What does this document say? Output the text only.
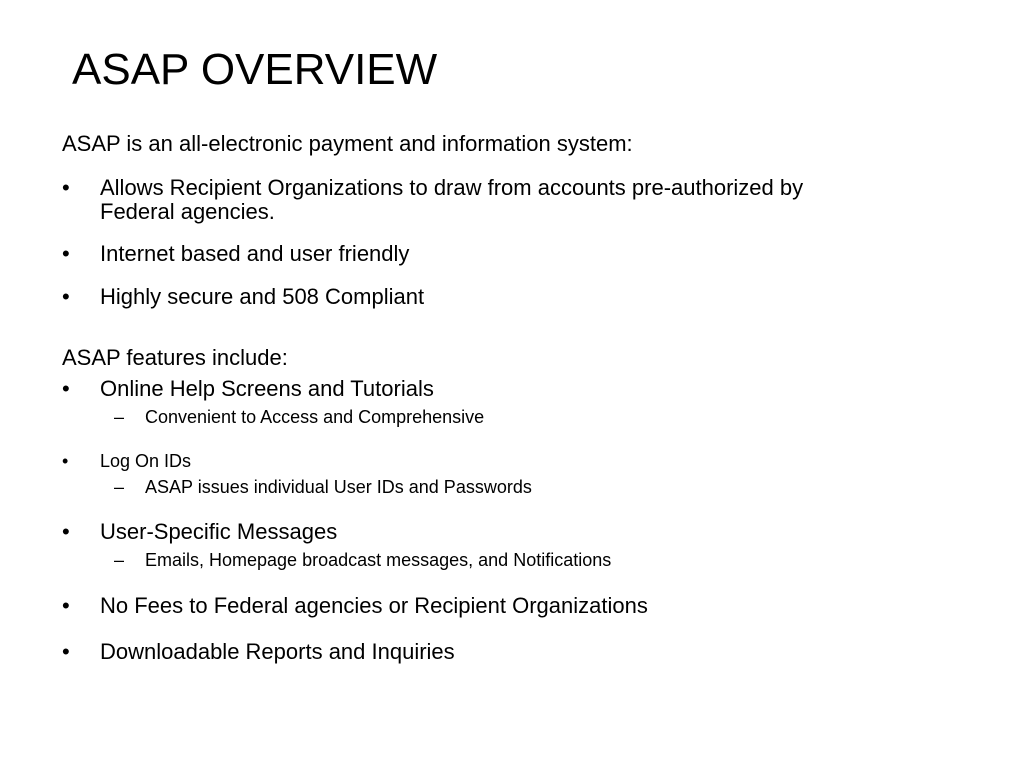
ASAP OVERVIEW
ASAP is an all-electronic payment and information system:
• Allows Recipient Organizations to draw from accounts pre-authorized by
Federal agencies.
• Internet based and user friendly
• Highly secure and 508 Compliant
ASAP features include:
• Online Help Screens and Tutorials
– Convenient to Access and Comprehensive
• Log On IDs
– ASAP issues individual User IDs and Passwords
• User-Specific Messages
– Emails, Homepage broadcast messages, and Notifications
• No Fees to Federal agencies or Recipient Organizations
• Downloadable Reports and Inquiries
